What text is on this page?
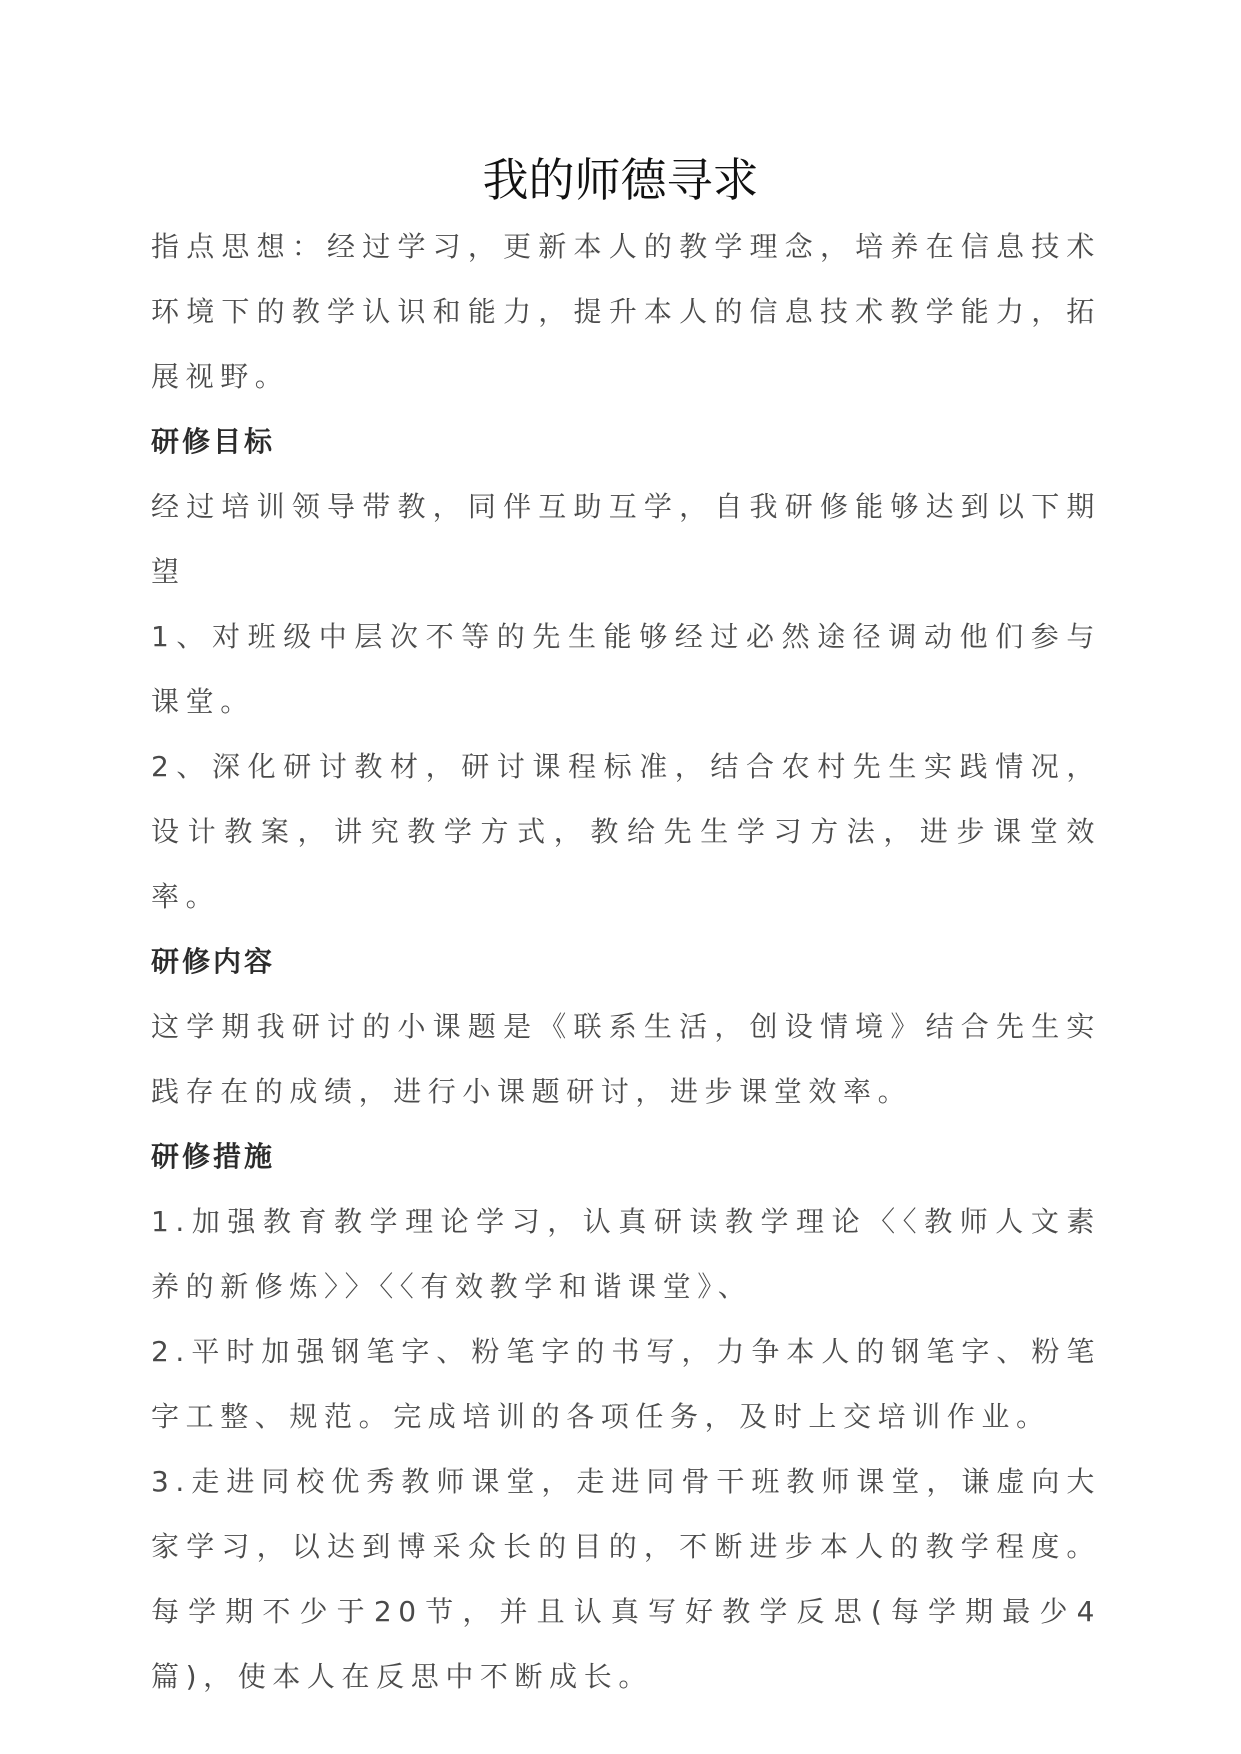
我的师德寻求

指点思想：经过学习，更新本人的教学理念，培养在信息技术环境下的教学认识和能力，提升本人的信息技术教学能力，拓展视野。

研修目标

经过培训领导带教，同伴互助互学，自我研修能够达到以下期望

1、对班级中层次不等的先生能够经过必然途径调动他们参与课堂。

2、深化研讨教材，研讨课程标准，结合农村先生实践情况，设计教案，讲究教学方式，教给先生学习方法，进步课堂效率。

研修内容

这学期我研讨的小课题是《联系生活，创设情境》结合先生实践存在的成绩，进行小课题研讨，进步课堂效率。

研修措施

1.加强教育教学理论学习，认真研读教学理论〈〈教师人文素养的新修炼〉〉〈〈有效教学和谐课堂》、

2.平时加强钢笔字、粉笔字的书写，力争本人的钢笔字、粉笔字工整、规范。完成培训的各项任务，及时上交培训作业。

3.走进同校优秀教师课堂，走进同骨干班教师课堂，谦虚向大家学习，以达到博采众长的目的，不断进步本人的教学程度。每学期不少于20节，并且认真写好教学反思(每学期最少4篇)，使本人在反思中不断成长。
